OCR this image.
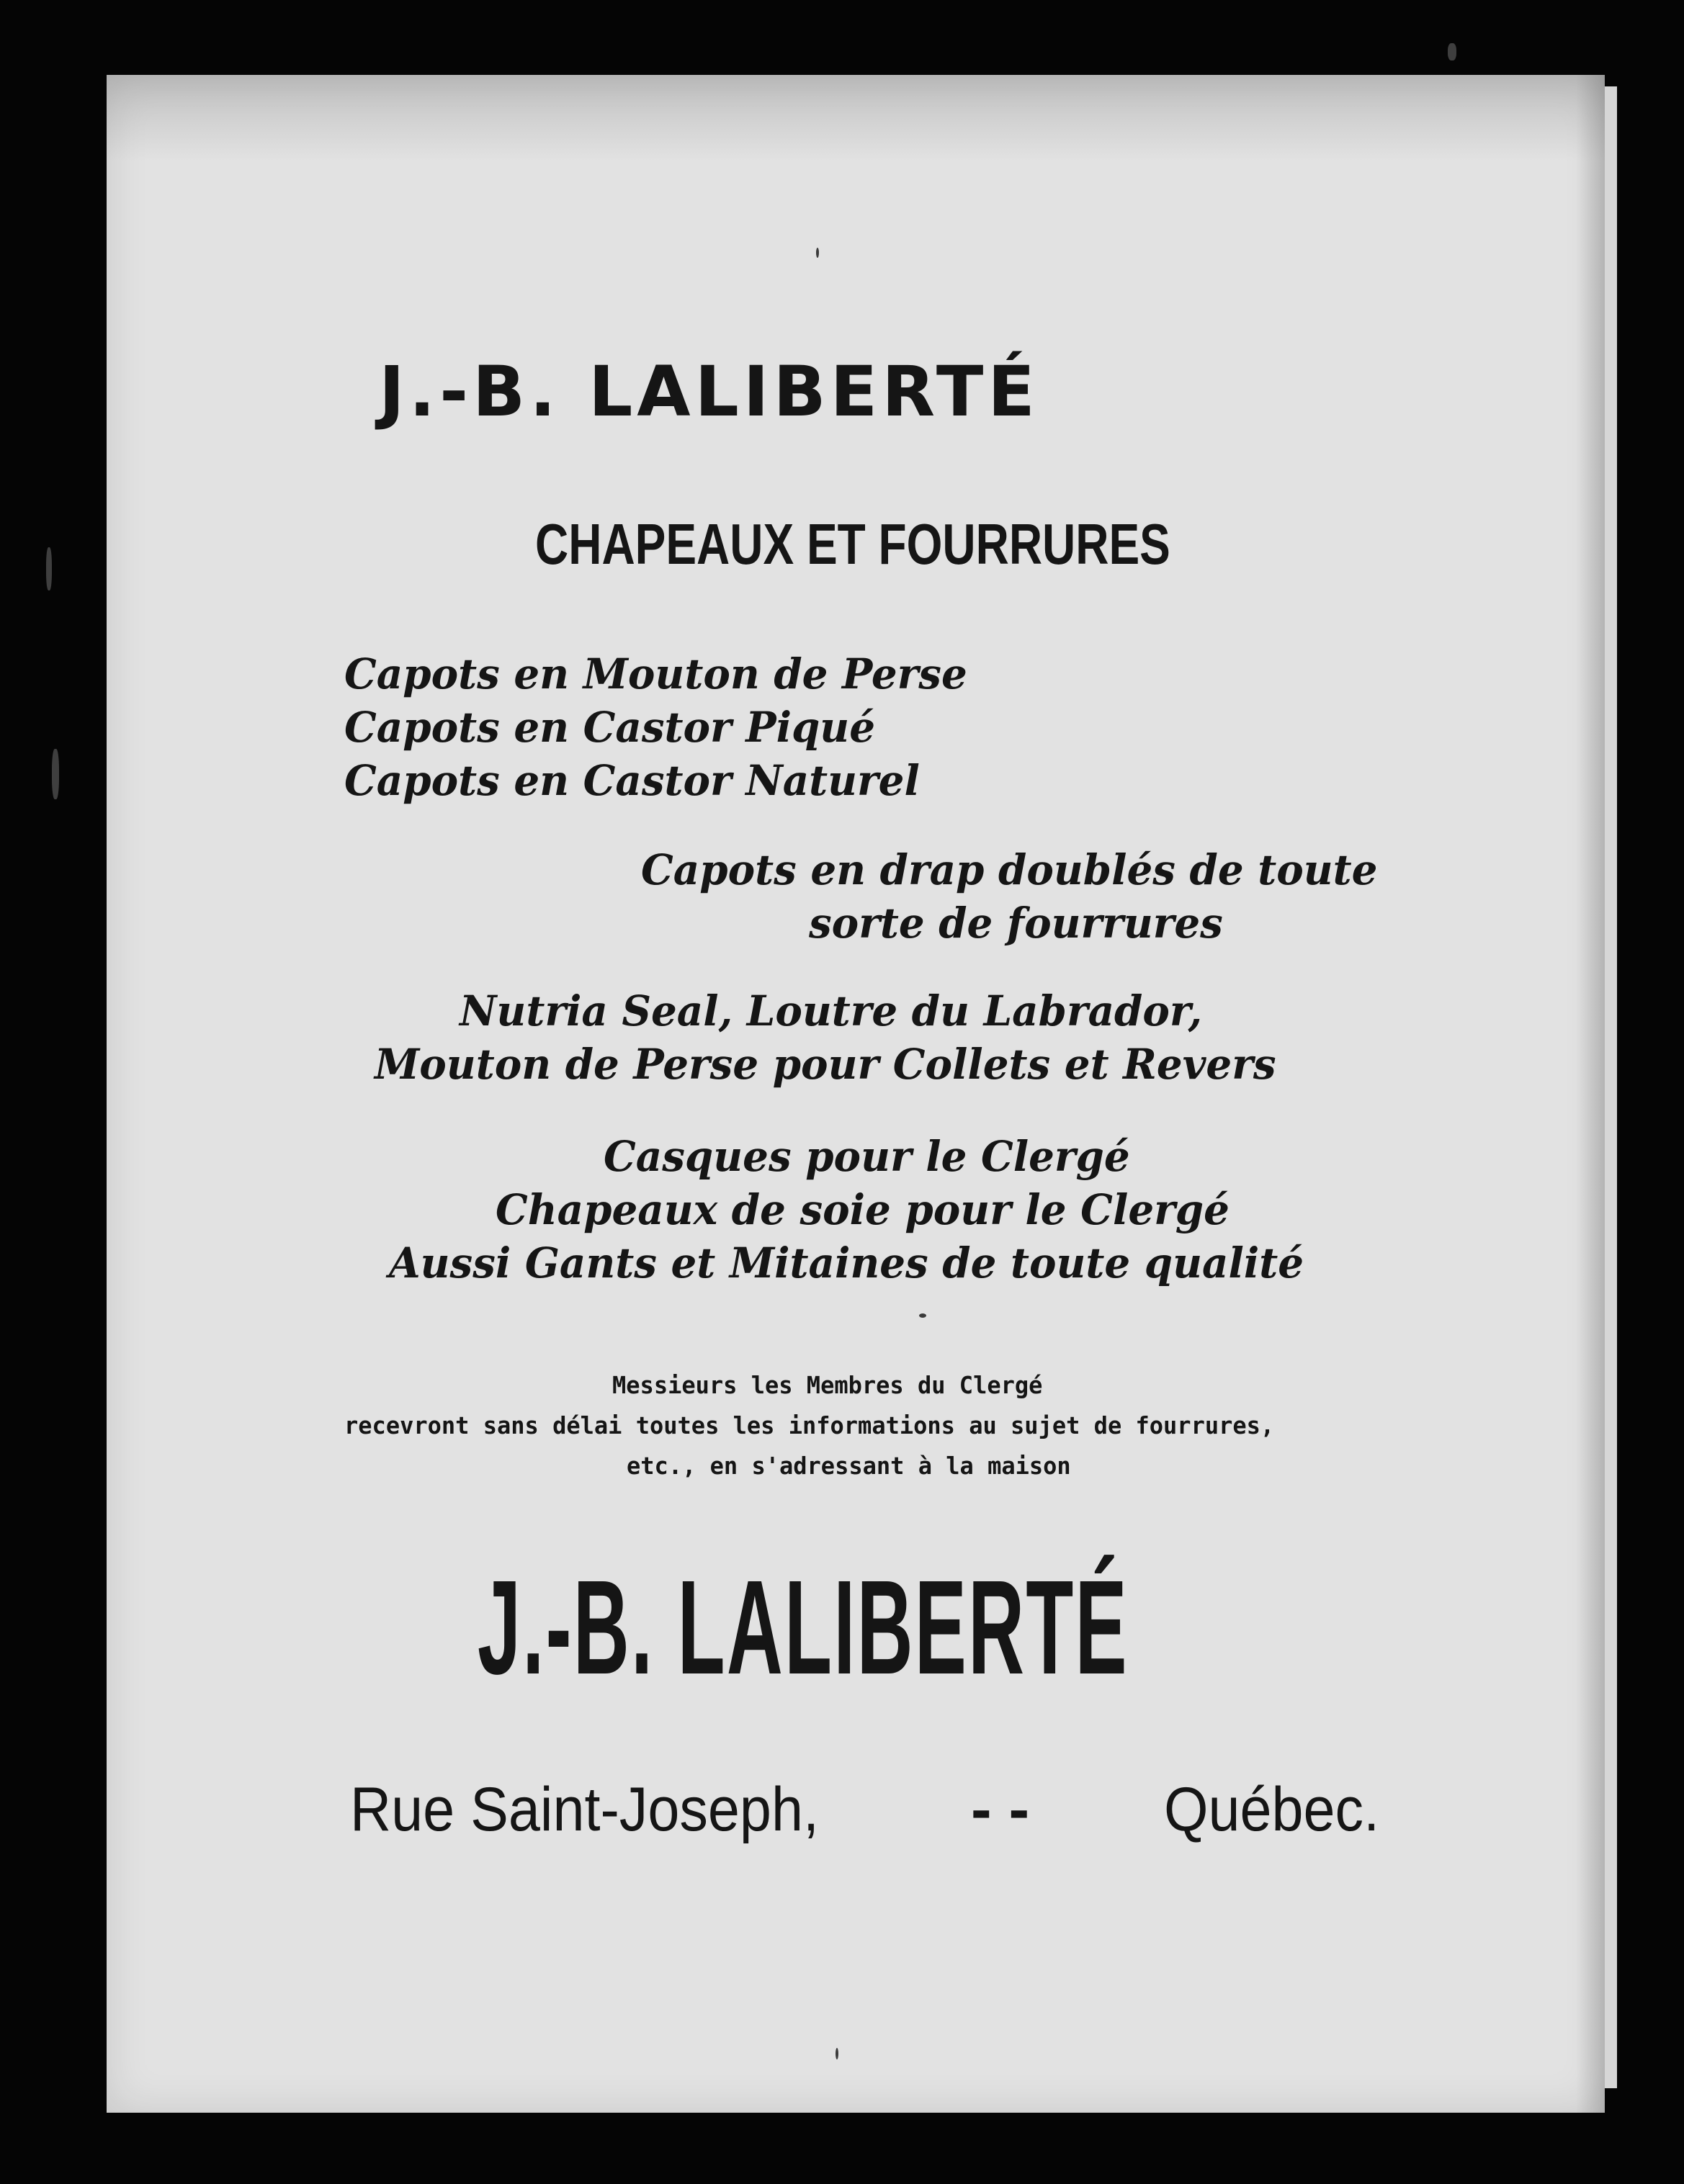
J.-B. LALIBERTÉ
CHAPEAUX ET FOURRURES

Capots en Mouton de Perse

Capots en Castor Piqué

Capots en Castor Naturel

Capots en drap doublés de toute

sorte de fourrures

Nutria Seal, Loutre du Labrador,

Mouton de Perse pour Collets et Revers

Casques pour le Clergé

Chapeaux de soie pour le Clergé

Aussi Gants et Mitaines de toute qualité

Messieurs les Membres du Clergé

recevront sans délai toutes les informations au sujet de fourrures,

etc., en s'adressant à la maison

J.-B. LALIBERTÉ

Rue Saint-Joseph, - - Québec.
